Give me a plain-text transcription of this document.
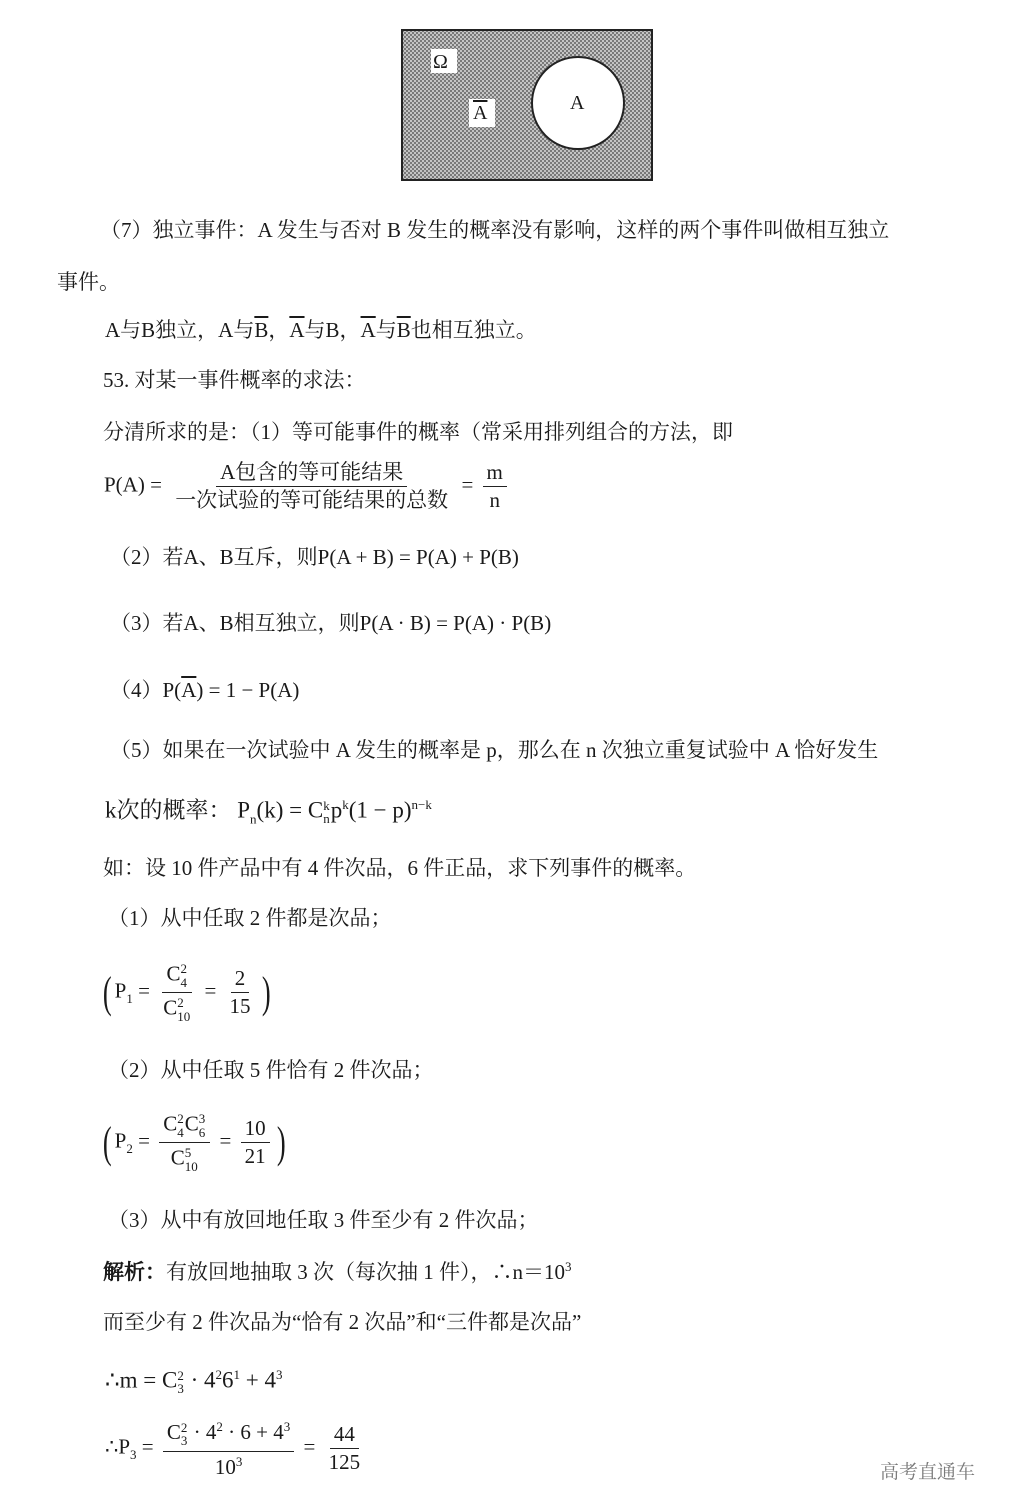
Ω
$\overline{A}$	A
（7）独立事件：A 发生与否对 B 发生的概率没有影响，这样的两个事件叫做相互独立
事件。
A与B独立，A与$\overline{B}$，$\overline{A}$与B，$\overline{A}$与$\overline{B}$也相互独立。
53. 对某一事件概率的求法：
分清所求的是：（1）等可能事件的概率（常采用排列组合的方法，即
$P(A) = \frac{\text{A包含的等可能结果}}{\text{一次试验的等可能结果的总数}} = \frac{m}{n}$
（2）若A、B互斥，则P(A + B) = P(A) + P(B)
（3）若A、B相互独立，则P(A · B) = P(A) · P(B)
$(4)P(\overline{A}) = 1 - P(A)$
（5）如果在一次试验中 A 发生的概率是 p，那么在 n 次独立重复试验中 A 恰好发生
k次的概率： $P_n(k) = C$ k
n $p^k(1 - p)^{n-k}$
如：设 10 件产品中有 4 件次品，6 件正品，求下列事件的概率。
（1）从中任取 2 件都是次品；
( $P_1 = C$ 2
4
C 2
$10 = \frac{2}{15}$ )
（2）从中任取 5 件恰有 2 件次品；
( $P_2 = C$ 2
4 C 3
6
C 5
$10 = \frac{10}{21}$ )
（3）从中有放回地任取 3 件至少有 2 件次品；
解析：有放回地抽取 3 次（每次抽 1 件），$\therefore n=10^3$
而至少有 2 件次品为“恰有 2 次品”和“三件都是次品”
∴m = C 2
$3 \cdot 4^26^1 + 4^3$
$\therefore P_3 = C$ 2
$3 \cdot 4^2 \cdot 6 + 4^3$
$10^3 = \frac{44}{125}$	高考直通车
